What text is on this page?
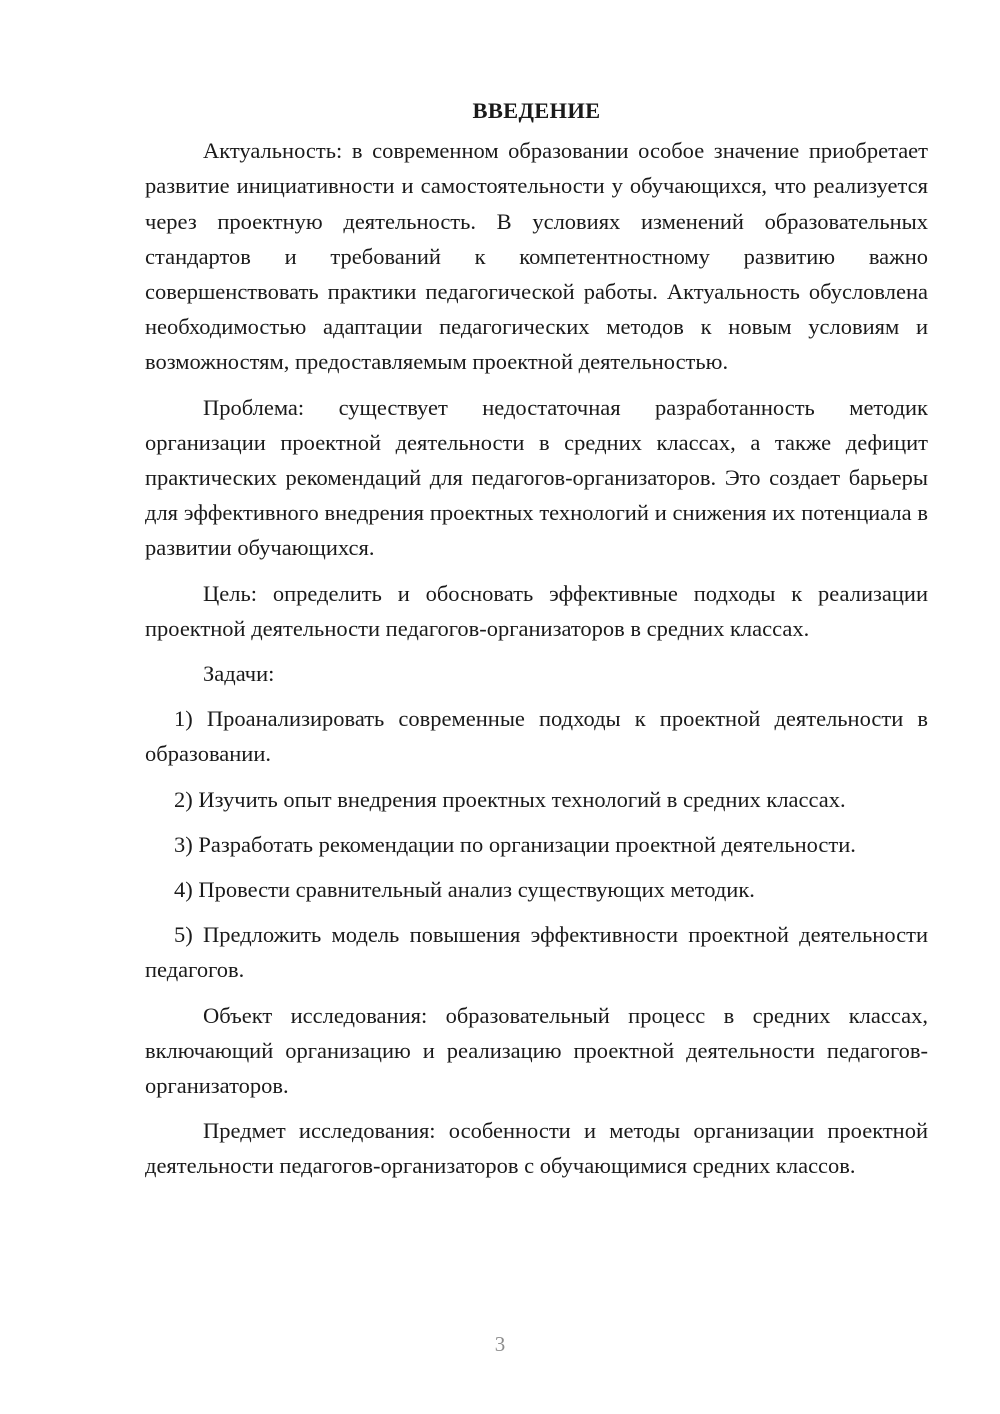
ВВЕДЕНИЕ

Актуальность: в современном образовании особое значение приобретает развитие инициативности и самостоятельности у обучающихся, что реализуется через проектную деятельность. В условиях изменений образовательных стандартов и требований к компетентностному развитию важно совершенствовать практики педагогической работы. Актуальность обусловлена необходимостью адаптации педагогических методов к новым условиям и возможностям, предоставляемым проектной деятельностью.

Проблема: существует недостаточная разработанность методик организации проектной деятельности в средних классах, а также дефицит практических рекомендаций для педагогов-организаторов. Это создает барьеры для эффективного внедрения проектных технологий и снижения их потенциала в развитии обучающихся.

Цель: определить и обосновать эффективные подходы к реализации проектной деятельности педагогов-организаторов в средних классах.

Задачи:

1) Проанализировать современные подходы к проектной деятельности в образовании.

2) Изучить опыт внедрения проектных технологий в средних классах.

3) Разработать рекомендации по организации проектной деятельности.

4) Провести сравнительный анализ существующих методик.

5) Предложить модель повышения эффективности проектной деятельности педагогов.

Объект исследования: образовательный процесс в средних классах, включающий организацию и реализацию проектной деятельности педагогов-организаторов.

Предмет исследования: особенности и методы организации проектной деятельности педагогов-организаторов с обучающимися средних классов.

3
